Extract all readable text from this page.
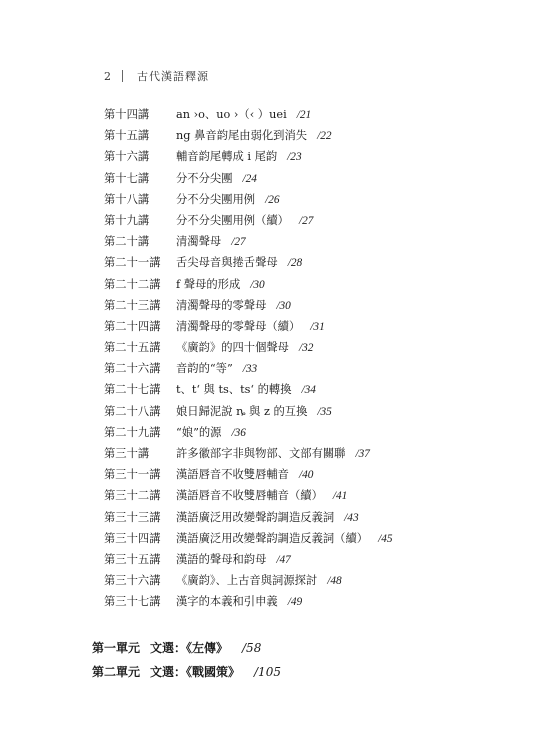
2	古代漢語釋源
第十四講 an ›o、uo ›（‹ ）uei /21
第十五講 ng 鼻音韵尾由弱化到消失 /22
第十六講 輔音韵尾轉成 i 尾韵 /23
第十七講 分不分尖團 /24
第十八講 分不分尖團用例 /26
第十九講 分不分尖團用例（續） /27
第二十講 清濁聲母 /27
第二十一講 舌尖母音與捲舌聲母 /28
第二十二講 f 聲母的形成 /30
第二十三講 清濁聲母的零聲母 /30
第二十四講 清濁聲母的零聲母（續） /31
第二十五講 《廣韵》的四十個聲母 /32
第二十六講 音韵的“等” /33
第二十七講 t、tʻ 與 ts、tsʻ 的轉換 /34
第二十八講 娘日歸泥說 ȵ 與 z 的互換 /35
第二十九講 “娘”的源 /36
第三十講 許多徽部字非與物部、文部有關聯 /37
第三十一講 漢語唇音不收雙唇輔音 /40
第三十二講 漢語唇音不收雙唇輔音（續） /41
第三十三講 漢語廣泛用改變聲韵調造反義詞 /43
第三十四講 漢語廣泛用改變聲韵調造反義詞（續） /45
第三十五講 漢語的聲母和韵母 /47
第三十六講 《廣韵》、上古音與詞源探討 /48
第三十七講 漢字的本義和引申義 /49
第一單元 文選：《左傳》 /58
第二單元 文選：《戰國策》 /105
